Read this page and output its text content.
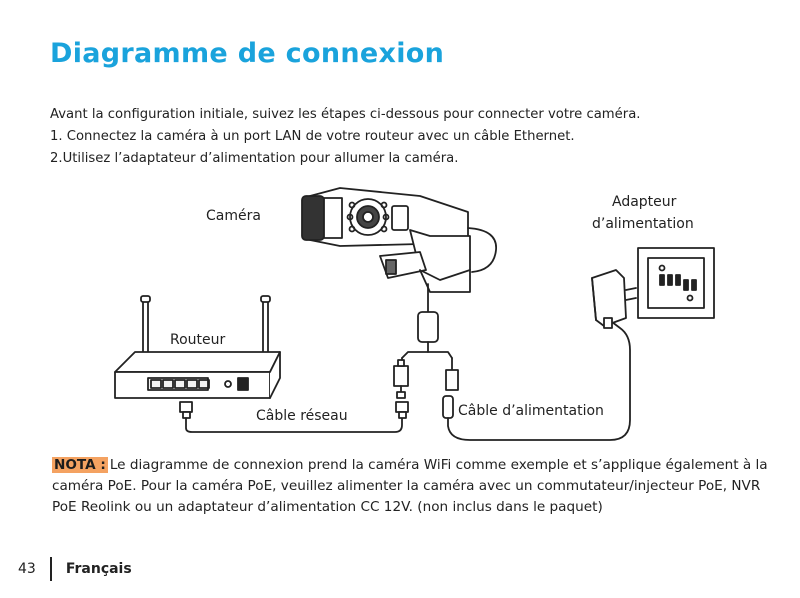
Diagramme de connexion
Avant la configuration initiale, suivez les étapes ci-dessous pour connecter votre caméra.
1. Connectez la caméra à un port LAN de votre routeur avec un câble Ethernet.
2.Utilisez l’adaptateur d’alimentation pour allumer la caméra.
Caméra
Adapteur
d’alimentation
Routeur
Câble réseau	Câble d’alimentation
NOTA : Le diagramme de connexion prend la caméra WiFi comme exemple et s’applique également à la caméra PoE. Pour la caméra PoE, veuillez alimenter la caméra avec un commutateur/injecteur PoE, NVR PoE Reolink ou un adaptateur d’alimentation CC 12V. (non inclus dans le paquet)
43 Français
